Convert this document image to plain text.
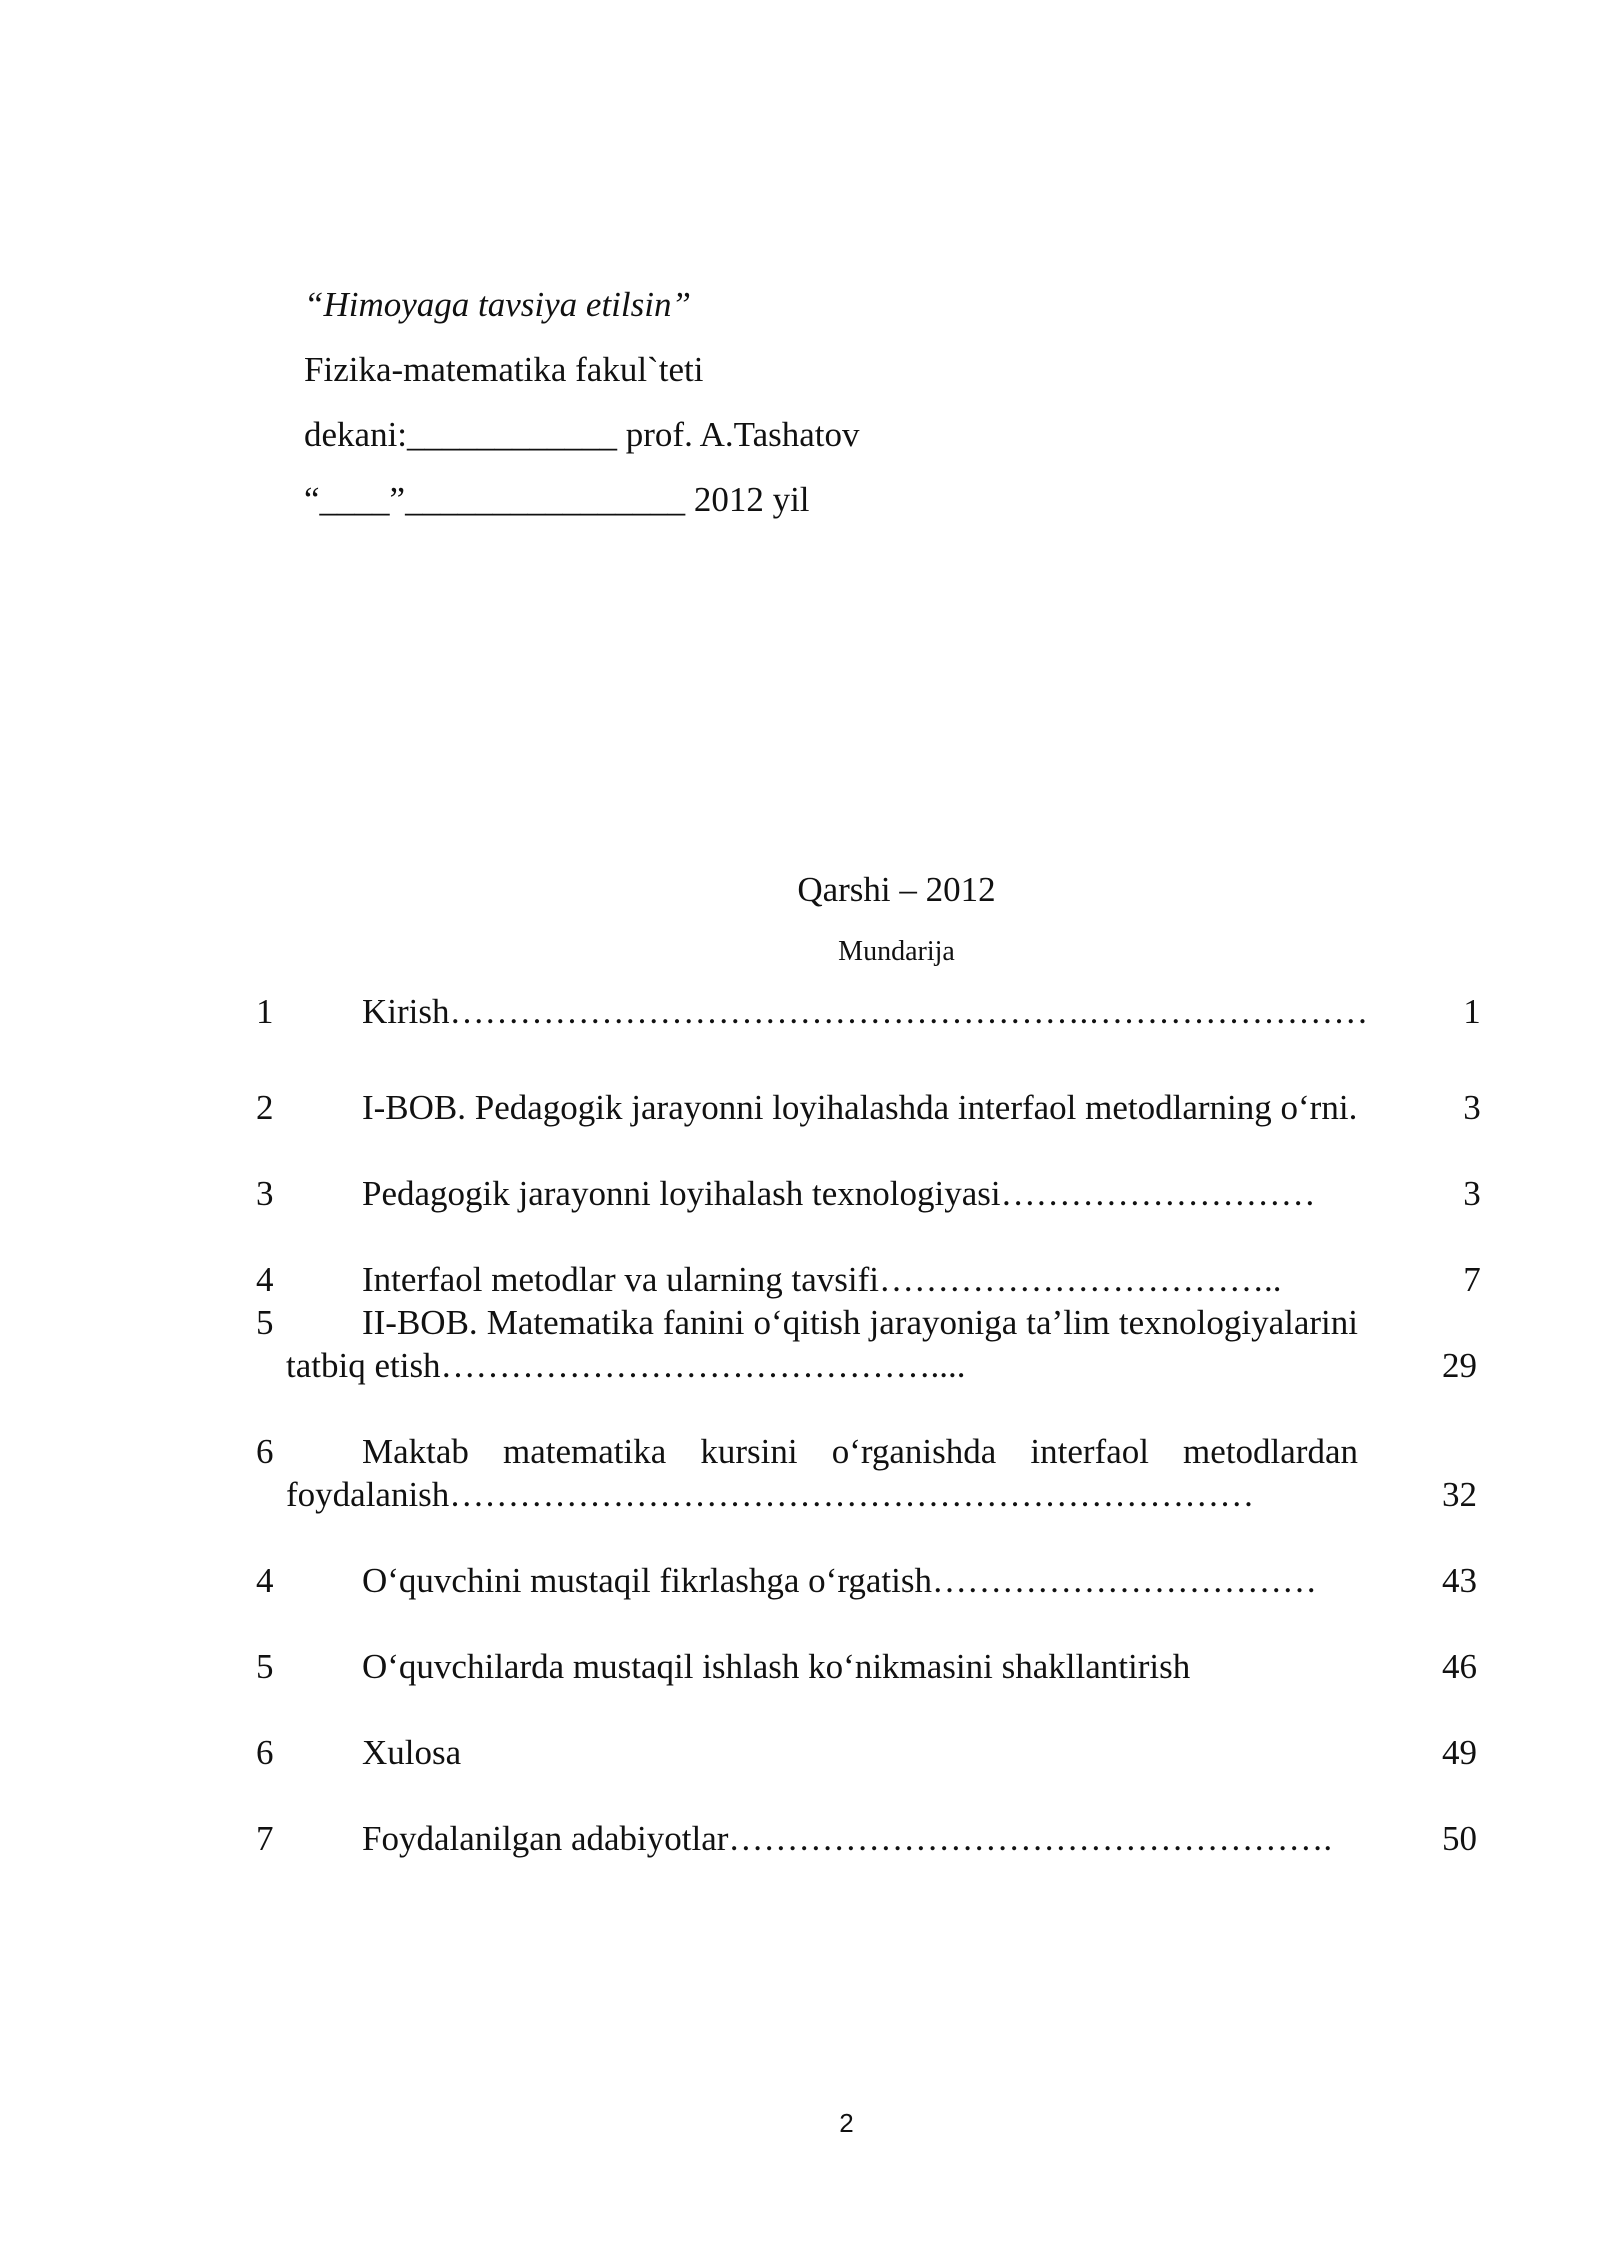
“Himoyaga tavsiya etilsin”
Fizika-matematika fakul`teti
dekani:____________ prof. A.Tashatov
“____”________________ 2012 yil
Qarshi – 2012
Mundarija
1	Kirish……………………………………………….……………………	1
2	I-BOB. Pedagogik jarayonni loyihalashda interfaol metodlarning o‘rni.	3
3	Pedagogik jarayonni loyihalash texnologiyasi………………………	3
4	Interfaol metodlar va ularning tavsifi……………………………..	7
5	II-BOB. Matematika fanini o‘qitish jarayoniga ta’lim texnologiyalarini tatbiq etish……………………………………....	29
6	Maktab matematika kursini o‘rganishda interfaol metodlardan foydalanish……………………………………………………………	32
4	O‘quvchini mustaqil fikrlashga o‘rgatish……………………………	43
5	O‘quvchilarda mustaqil ishlash ko‘nikmasini shakllantirish	46
6	Xulosa	49
7	Foydalanilgan adabiyotlar…………………………………………….	50
2
